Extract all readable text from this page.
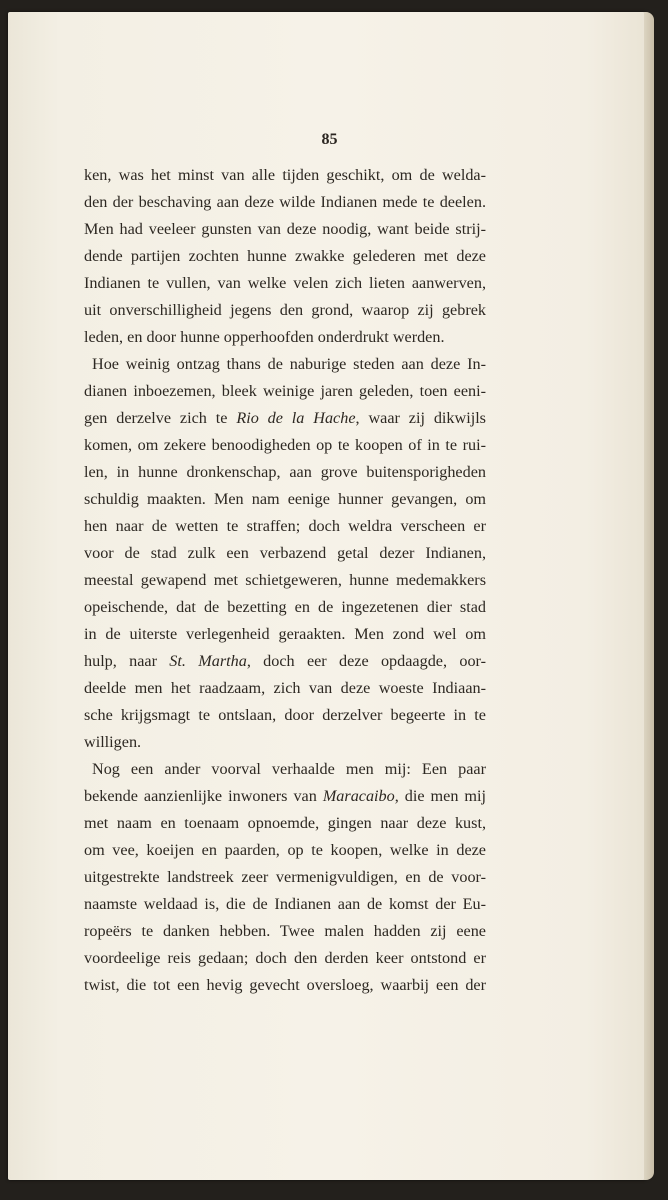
85
ken, was het minst van alle tijden geschikt, om de welda-
den der beschaving aan deze wilde Indianen mede te deelen.
Men had veeleer gunsten van deze noodig, want beide strij-
dende partijen zochten hunne zwakke gelederen met deze
Indianen te vullen, van welke velen zich lieten aanwerven,
uit onverschilligheid jegens den grond, waarop zij gebrek
leden, en door hunne opperhoofden onderdrukt werden.
Hoe weinig ontzag thans de naburige steden aan deze In-
dianen inboezemen, bleek weinige jaren geleden, toen eeni-
gen derzelve zich te Rio de la Hache, waar zij dikwijls
komen, om zekere benoodigheden op te koopen of in te rui-
len, in hunne dronkenschap, aan grove buitensporigheden
schuldig maakten. Men nam eenige hunner gevangen, om
hen naar de wetten te straffen; doch weldra verscheen er
voor de stad zulk een verbazend getal dezer Indianen,
meestal gewapend met schietgeweren, hunne medemakkers
opeischende, dat de bezetting en de ingezetenen dier stad
in de uiterste verlegenheid geraakten. Men zond wel om
hulp, naar St. Martha, doch eer deze opdaagde, oor-
deelde men het raadzaam, zich van deze woeste Indiaan-
sche krijgsmagt te ontslaan, door derzelver begeerte in te
willigen.
Nog een ander voorval verhaalde men mij: Een paar
bekende aanzienlijke inwoners van Maracaibo, die men mij
met naam en toenaam opnoemde, gingen naar deze kust,
om vee, koeijen en paarden, op te koopen, welke in deze
uitgestrekte landstreek zeer vermenigvuldigen, en de voor-
naamste weldaad is, die de Indianen aan de komst der Eu-
ropeërs te danken hebben. Twee malen hadden zij eene
voordeelige reis gedaan; doch den derden keer ontstond er
twist, die tot een hevig gevecht oversloeg, waarbij een der
